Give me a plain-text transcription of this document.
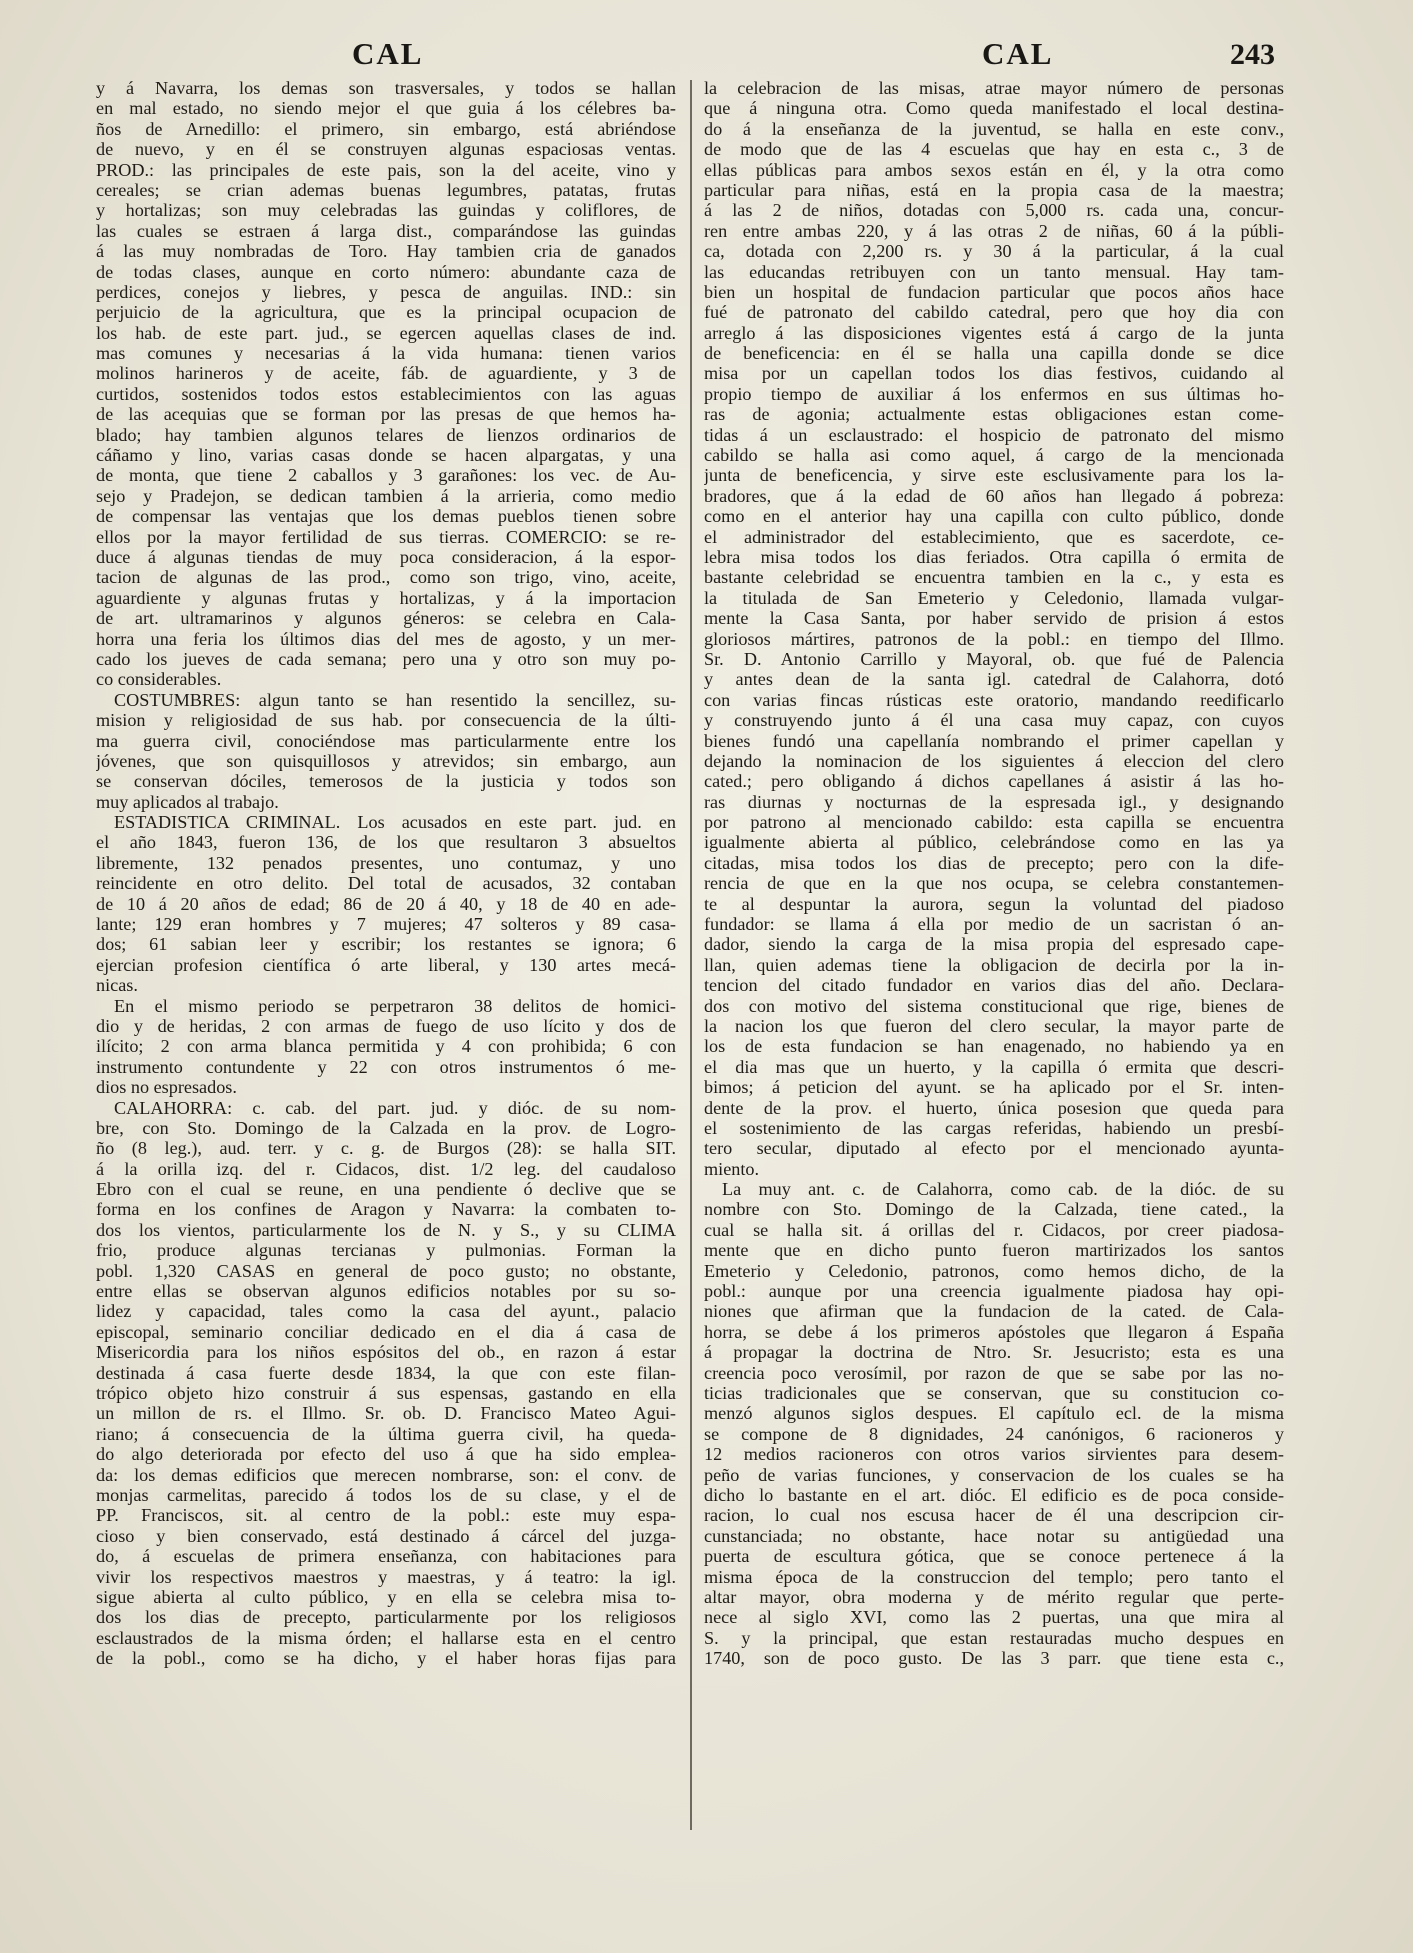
CAL	CAL	243
y á Navarra, los demas son trasversales, y todos se hallan
en mal estado, no siendo mejor el que guia á los célebres ba-
ños de Arnedillo: el primero, sin embargo, está abriéndose
de nuevo, y en él se construyen algunas espaciosas ventas.
PROD.: las principales de este pais, son la del aceite, vino y
cereales; se crian ademas buenas legumbres, patatas, frutas
y hortalizas; son muy celebradas las guindas y coliflores, de
las cuales se estraen á larga dist., comparándose las guindas
á las muy nombradas de Toro. Hay tambien cria de ganados
de todas clases, aunque en corto número: abundante caza de
perdices, conejos y liebres, y pesca de anguilas. IND.: sin
perjuicio de la agricultura, que es la principal ocupacion de
los hab. de este part. jud., se egercen aquellas clases de ind.
mas comunes y necesarias á la vida humana: tienen varios
molinos harineros y de aceite, fáb. de aguardiente, y 3 de
curtidos, sostenidos todos estos establecimientos con las aguas
de las acequias que se forman por las presas de que hemos ha-
blado; hay tambien algunos telares de lienzos ordinarios de
cáñamo y lino, varias casas donde se hacen alpargatas, y una
de monta, que tiene 2 caballos y 3 garañones: los vec. de Au-
sejo y Pradejon, se dedican tambien á la arrieria, como medio
de compensar las ventajas que los demas pueblos tienen sobre
ellos por la mayor fertilidad de sus tierras. COMERCIO: se re-
duce á algunas tiendas de muy poca consideracion, á la espor-
tacion de algunas de las prod., como son trigo, vino, aceite,
aguardiente y algunas frutas y hortalizas, y á la importacion
de art. ultramarinos y algunos géneros: se celebra en Cala-
horra una feria los últimos dias del mes de agosto, y un mer-
cado los jueves de cada semana; pero una y otro son muy po-
co considerables.
COSTUMBRES: algun tanto se han resentido la sencillez, su-
mision y religiosidad de sus hab. por consecuencia de la últi-
ma guerra civil, conociéndose mas particularmente entre los
jóvenes, que son quisquillosos y atrevidos; sin embargo, aun
se conservan dóciles, temerosos de la justicia y todos son
muy aplicados al trabajo.
ESTADISTICA CRIMINAL. Los acusados en este part. jud. en
el año 1843, fueron 136, de los que resultaron 3 absueltos
libremente, 132 penados presentes, uno contumaz, y uno
reincidente en otro delito. Del total de acusados, 32 contaban
de 10 á 20 años de edad; 86 de 20 á 40, y 18 de 40 en ade-
lante; 129 eran hombres y 7 mujeres; 47 solteros y 89 casa-
dos; 61 sabian leer y escribir; los restantes se ignora; 6
ejercian profesion científica ó arte liberal, y 130 artes mecá-
nicas.
En el mismo periodo se perpetraron 38 delitos de homici-
dio y de heridas, 2 con armas de fuego de uso lícito y dos de
ilícito; 2 con arma blanca permitida y 4 con prohibida; 6 con
instrumento contundente y 22 con otros instrumentos ó me-
dios no espresados.
CALAHORRA: c. cab. del part. jud. y dióc. de su nom-
bre, con Sto. Domingo de la Calzada en la prov. de Logro-
ño (8 leg.), aud. terr. y c. g. de Burgos (28): se halla SIT.
á la orilla izq. del r. Cidacos, dist. 1/2 leg. del caudaloso
Ebro con el cual se reune, en una pendiente ó declive que se
forma en los confines de Aragon y Navarra: la combaten to-
dos los vientos, particularmente los de N. y S., y su CLIMA
frio, produce algunas tercianas y pulmonias. Forman la
pobl. 1,320 CASAS en general de poco gusto; no obstante,
entre ellas se observan algunos edificios notables por su so-
lidez y capacidad, tales como la casa del ayunt., palacio
episcopal, seminario conciliar dedicado en el dia á casa de
Misericordia para los niños espósitos del ob., en razon á estar
destinada á casa fuerte desde 1834, la que con este filan-
trópico objeto hizo construir á sus espensas, gastando en ella
un millon de rs. el Illmo. Sr. ob. D. Francisco Mateo Agui-
riano; á consecuencia de la última guerra civil, ha queda-
do algo deteriorada por efecto del uso á que ha sido emplea-
da: los demas edificios que merecen nombrarse, son: el conv. de
monjas carmelitas, parecido á todos los de su clase, y el de
PP. Franciscos, sit. al centro de la pobl.: este muy espa-
cioso y bien conservado, está destinado á cárcel del juzga-
do, á escuelas de primera enseñanza, con habitaciones para
vivir los respectivos maestros y maestras, y á teatro: la igl.
sigue abierta al culto público, y en ella se celebra misa to-
dos los dias de precepto, particularmente por los religiosos
esclaustrados de la misma órden; el hallarse esta en el centro
de la pobl., como se ha dicho, y el haber horas fijas para
la celebracion de las misas, atrae mayor número de personas
que á ninguna otra. Como queda manifestado el local destina-
do á la enseñanza de la juventud, se halla en este conv.,
de modo que de las 4 escuelas que hay en esta c., 3 de
ellas públicas para ambos sexos están en él, y la otra como
particular para niñas, está en la propia casa de la maestra;
á las 2 de niños, dotadas con 5,000 rs. cada una, concur-
ren entre ambas 220, y á las otras 2 de niñas, 60 á la públi-
ca, dotada con 2,200 rs. y 30 á la particular, á la cual
las educandas retribuyen con un tanto mensual. Hay tam-
bien un hospital de fundacion particular que pocos años hace
fué de patronato del cabildo catedral, pero que hoy dia con
arreglo á las disposiciones vigentes está á cargo de la junta
de beneficencia: en él se halla una capilla donde se dice
misa por un capellan todos los dias festivos, cuidando al
propio tiempo de auxiliar á los enfermos en sus últimas ho-
ras de agonia; actualmente estas obligaciones estan come-
tidas á un esclaustrado: el hospicio de patronato del mismo
cabildo se halla asi como aquel, á cargo de la mencionada
junta de beneficencia, y sirve este esclusivamente para los la-
bradores, que á la edad de 60 años han llegado á pobreza:
como en el anterior hay una capilla con culto público, donde
el administrador del establecimiento, que es sacerdote, ce-
lebra misa todos los dias feriados. Otra capilla ó ermita de
bastante celebridad se encuentra tambien en la c., y esta es
la titulada de San Emeterio y Celedonio, llamada vulgar-
mente la Casa Santa, por haber servido de prision á estos
gloriosos mártires, patronos de la pobl.: en tiempo del Illmo.
Sr. D. Antonio Carrillo y Mayoral, ob. que fué de Palencia
y antes dean de la santa igl. catedral de Calahorra, dotó
con varias fincas rústicas este oratorio, mandando reedificarlo
y construyendo junto á él una casa muy capaz, con cuyos
bienes fundó una capellanía nombrando el primer capellan y
dejando la nominacion de los siguientes á eleccion del clero
cated.; pero obligando á dichos capellanes á asistir á las ho-
ras diurnas y nocturnas de la espresada igl., y designando
por patrono al mencionado cabildo: esta capilla se encuentra
igualmente abierta al público, celebrándose como en las ya
citadas, misa todos los dias de precepto; pero con la dife-
rencia de que en la que nos ocupa, se celebra constantemen-
te al despuntar la aurora, segun la voluntad del piadoso
fundador: se llama á ella por medio de un sacristan ó an-
dador, siendo la carga de la misa propia del espresado cape-
llan, quien ademas tiene la obligacion de decirla por la in-
tencion del citado fundador en varios dias del año. Declara-
dos con motivo del sistema constitucional que rige, bienes de
la nacion los que fueron del clero secular, la mayor parte de
los de esta fundacion se han enagenado, no habiendo ya en
el dia mas que un huerto, y la capilla ó ermita que descri-
bimos; á peticion del ayunt. se ha aplicado por el Sr. inten-
dente de la prov. el huerto, única posesion que queda para
el sostenimiento de las cargas referidas, habiendo un presbí-
tero secular, diputado al efecto por el mencionado ayunta-
miento.
La muy ant. c. de Calahorra, como cab. de la dióc. de su
nombre con Sto. Domingo de la Calzada, tiene cated., la
cual se halla sit. á orillas del r. Cidacos, por creer piadosa-
mente que en dicho punto fueron martirizados los santos
Emeterio y Celedonio, patronos, como hemos dicho, de la
pobl.: aunque por una creencia igualmente piadosa hay opi-
niones que afirman que la fundacion de la cated. de Cala-
horra, se debe á los primeros apóstoles que llegaron á España
á propagar la doctrina de Ntro. Sr. Jesucristo; esta es una
creencia poco verosímil, por razon de que se sabe por las no-
ticias tradicionales que se conservan, que su constitucion co-
menzó algunos siglos despues. El capítulo ecl. de la misma
se compone de 8 dignidades, 24 canónigos, 6 racioneros y
12 medios racioneros con otros varios sirvientes para desem-
peño de varias funciones, y conservacion de los cuales se ha
dicho lo bastante en el art. dióc. El edificio es de poca conside-
racion, lo cual nos escusa hacer de él una descripcion cir-
cunstanciada; no obstante, hace notar su antigüedad una
puerta de escultura gótica, que se conoce pertenece á la
misma época de la construccion del templo; pero tanto el
altar mayor, obra moderna y de mérito regular que perte-
nece al siglo XVI, como las 2 puertas, una que mira al
S. y la principal, que estan restauradas mucho despues en
1740, son de poco gusto. De las 3 parr. que tiene esta c.,
